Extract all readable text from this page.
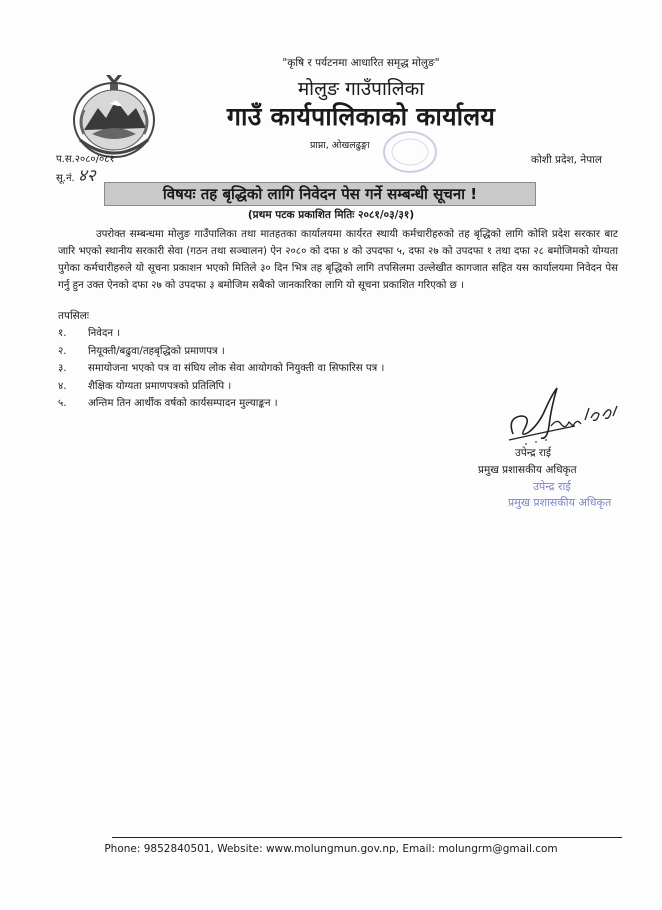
"कृषि र पर्यटनमा आधारित समृद्ध मोलुङ"
मोलुङ गाउँपालिका
गाउँ कार्यपालिकाको कार्यालय
प्राप्ना, ओखलढुङ्गा
प.स.२०८०/०८१
सू.नं. ४२
कोशी प्रदेश, नेपाल
विषयः तह बृद्धिको लागि निवेदन पेस गर्ने सम्बन्धी सूचना !
(प्रथम पटक प्रकाशित मितिः २०८१/०३/३१)
उपरोक्त सम्बन्धमा मोलुङ गाउँपालिका तथा मातहतका कार्यालयमा कार्यरत स्थायी कर्मचारीहरुको तह बृद्धिको लागि कोशि प्रदेश सरकार बाट जारि भएको स्थानीय सरकारी सेवा (गठन तथा सञ्चालन) ऐन २०८० को दफा ४ को उपदफा ५, दफा २७ को उपदफा १ तथा दफा २८ बमोजिमको योग्यता पुगेका कर्मचारीहरुले यो सूचना प्रकाशन भएको मितिले ३० दिन भित्र तह बृद्धिको लागि तपसिलमा उल्लेखीत कागजात सहित यस कार्यालयमा निवेदन पेस गर्नु हुन उक्त ऐनको दफा २७ को उपदफा ३ बमोजिम सबैको जानकारिका लागि यो सूचना प्रकाशित गरिएको छ ।
तपसिलः
१. निवेदन ।
२. नियूक्ती/बढुवा/तहबृद्धिको प्रमाणपत्र ।
३. समायोजना भएको पत्र वा संघिय लोक सेवा आयोगको नियुक्ती वा सिफारिस पत्र ।
४. शैक्षिक योग्यता प्रमाणपत्रको प्रतिलिपि ।
५. अन्तिम तिन आर्थीक वर्षको कार्यसम्पादन मुल्याङ्कन ।
उपेन्द्र राई
प्रमुख प्रशासकीय अधिकृत
उपेन्द्र राई
प्रमुख प्रशासकीय अधिकृत
Phone: 9852840501, Website: www.molungmun.gov.np, Email: molungrm@gmail.com
